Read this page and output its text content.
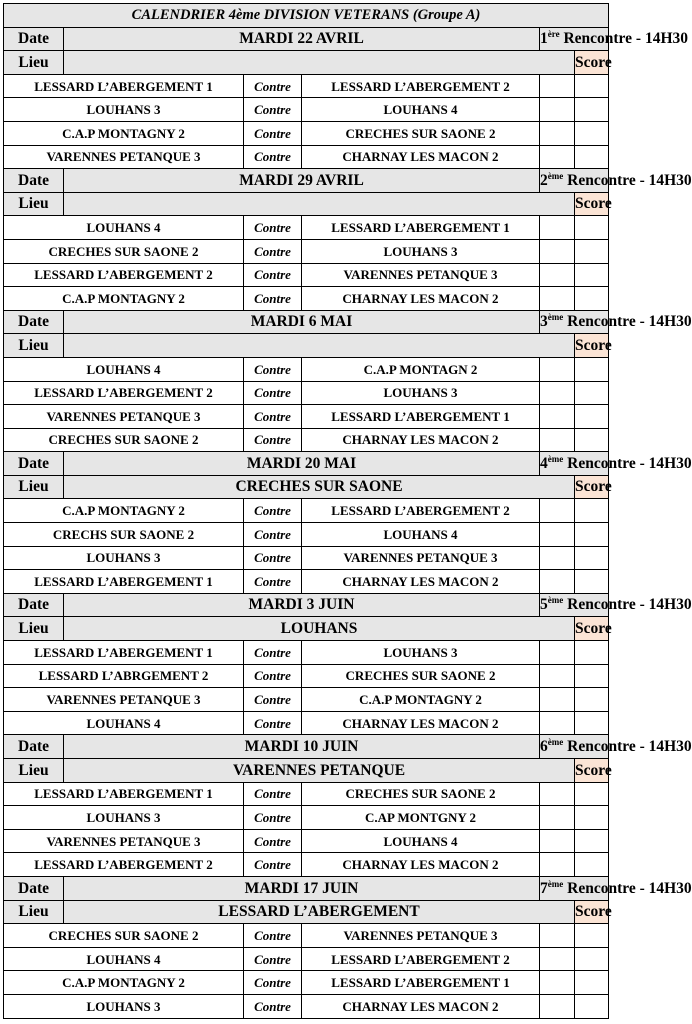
CALENDRIER 4ème DIVISION VETERANS (Groupe A)					
Date	MARDI 22 AVRIL			1ère Rencontre - 14H30	
Lieu					Score
LESSARD L’ABERGEMENT 1		Contre	LESSARD L’ABERGEMENT 2		
LOUHANS 3		Contre	LOUHANS 4		
C.A.P MONTAGNY 2		Contre	CRECHES SUR SAONE 2		
VARENNES PETANQUE 3		Contre	CHARNAY LES MACON 2		
Date	MARDI 29 AVRIL			2ème Rencontre - 14H30	
Lieu					Score
LOUHANS 4		Contre	LESSARD L’ABERGEMENT 1		
CRECHES SUR SAONE 2		Contre	LOUHANS 3		
LESSARD L’ABERGEMENT 2		Contre	VARENNES PETANQUE 3		
C.A.P MONTAGNY 2		Contre	CHARNAY LES MACON 2		
Date	MARDI 6 MAI			3ème Rencontre - 14H30	
Lieu					Score
LOUHANS 4		Contre	C.A.P MONTAGN 2		
LESSARD L’ABERGEMENT 2		Contre	LOUHANS 3		
VARENNES PETANQUE 3		Contre	LESSARD L’ABERGEMENT 1		
CRECHES SUR SAONE 2		Contre	CHARNAY LES MACON 2		
Date	MARDI 20 MAI			4ème Rencontre - 14H30	
Lieu	CRECHES SUR SAONE				Score
C.A.P MONTAGNY 2		Contre	LESSARD L’ABERGEMENT 2		
CRECHS SUR SAONE 2		Contre	LOUHANS 4		
LOUHANS 3		Contre	VARENNES PETANQUE 3		
LESSARD L’ABERGEMENT 1		Contre	CHARNAY LES MACON 2		
Date	MARDI 3 JUIN			5ème Rencontre - 14H30	
Lieu	LOUHANS				Score
LESSARD L’ABERGEMENT 1		Contre	LOUHANS 3		
LESSARD L’ABRGEMENT 2		Contre	CRECHES SUR SAONE 2		
VARENNES PETANQUE 3		Contre	C.A.P MONTAGNY 2		
LOUHANS 4		Contre	CHARNAY LES MACON 2		
Date	MARDI 10 JUIN			6ème Rencontre - 14H30	
Lieu	VARENNES PETANQUE				Score
LESSARD L’ABERGEMENT 1		Contre	CRECHES SUR SAONE 2		
LOUHANS 3		Contre	C.AP MONTGNY 2		
VARENNES PETANQUE 3		Contre	LOUHANS 4		
LESSARD L’ABERGEMENT 2		Contre	CHARNAY LES MACON 2		
Date	MARDI 17 JUIN			7ème Rencontre - 14H30	
Lieu	LESSARD L’ABERGEMENT				Score
CRECHES SUR SAONE 2		Contre	VARENNES PETANQUE 3		
LOUHANS 4		Contre	LESSARD L’ABERGEMENT 2		
C.A.P MONTAGNY 2		Contre	LESSARD L’ABERGEMENT 1		
LOUHANS 3		Contre	CHARNAY LES MACON 2		
